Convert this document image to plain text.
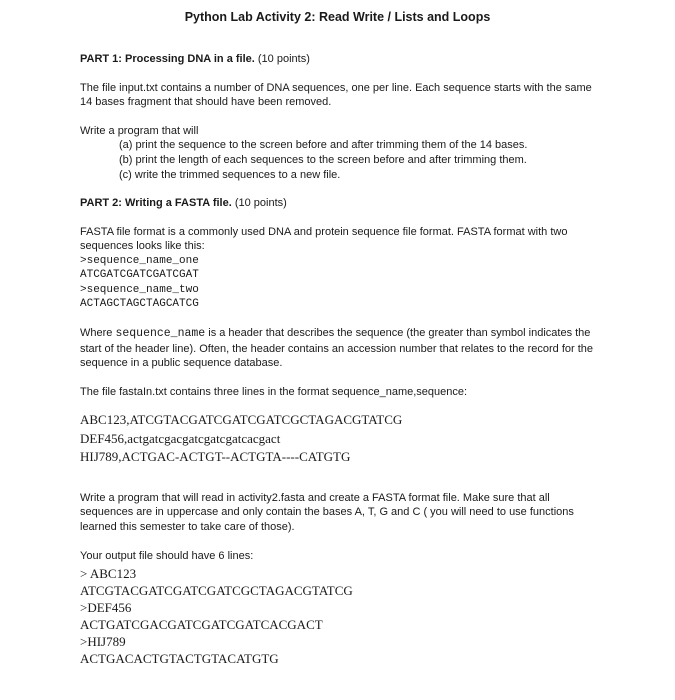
Python Lab Activity 2: Read Write / Lists and Loops

PART 1: Processing DNA in a file. (10 points)

The file input.txt contains a number of DNA sequences, one per line. Each sequence starts with the same 14 bases fragment that should have been removed.

Write a program that will

(a) print the sequence to the screen before and after trimming them of the 14 bases.

(b) print the length of each sequences to the screen before and after trimming them.

(c) write the trimmed sequences to a new file.

PART 2: Writing a FASTA file. (10 points)

FASTA file format is a commonly used DNA and protein sequence file format. FASTA format with two sequences looks like this:

>sequence_name_one
ATCGATCGATCGATCGAT
>sequence_name_two
ACTAGCTAGCTAGCATCG

Where sequence_name is a header that describes the sequence (the greater than symbol indicates the start of the header line). Often, the header contains an accession number that relates to the record for the sequence in a public sequence database.

The file fastaIn.txt contains three lines in the format sequence_name,sequence:

ABC123,ATCGTACGATCGATCGATCGCTAGACGTATCG
DEF456,actgatcgacgatcgatcgatcacgact
HIJ789,ACTGAC-ACTGT--ACTGTA----CATGTG

Write a program that will read in activity2.fasta and create a FASTA format file. Make sure that all sequences are in uppercase and only contain the bases A, T, G and C ( you will need to use functions learned this semester to take care of those).

Your output file should have 6 lines:

> ABC123
ATCGTACGATCGATCGATCGCTAGACGTATCG
>DEF456
ACTGATCGACGATCGATCGATCACGACT
>HIJ789
ACTGACACTGTACTGTACATGTG
